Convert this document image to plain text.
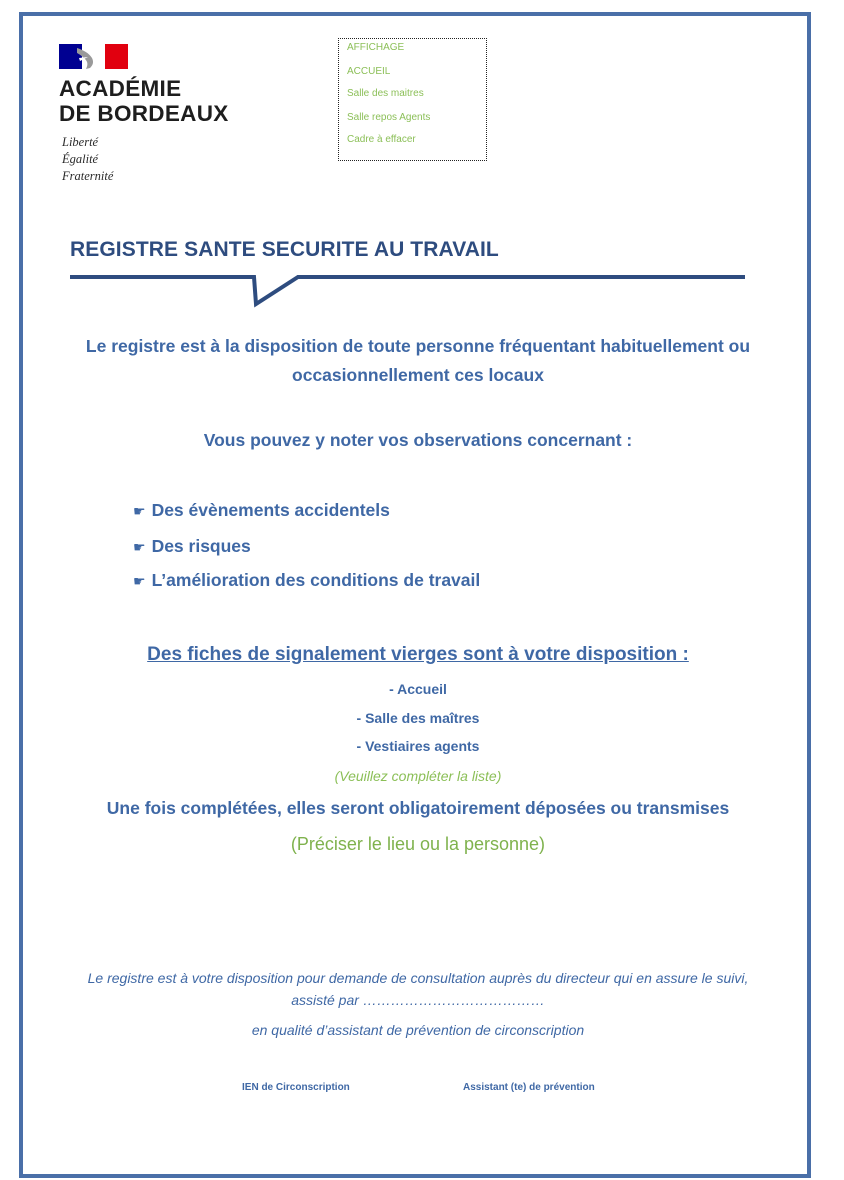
ACADÉMIE
DE BORDEAUX
Liberté
Égalité
Fraternité
AFFICHAGE
ACCUEIL
Salle des maitres
Salle repos Agents
Cadre à effacer
REGISTRE SANTE SECURITE AU TRAVAIL
Le registre est à la disposition de toute personne fréquentant habituellement ou
occasionnellement ces locaux
Vous pouvez y noter vos observations concernant :
☛ Des évènements accidentels
☛ Des risques
☛ L’amélioration des conditions de travail
Des fiches de signalement vierges sont à votre disposition :
- Accueil
- Salle des maîtres
- Vestiaires agents
(Veuillez compléter la liste)
Une fois complétées, elles seront obligatoirement déposées ou transmises
(Préciser le lieu ou la personne)
Le registre est à votre disposition pour demande de consultation auprès du directeur qui en assure le suivi,
assisté par …………………………………
en qualité d’assistant de prévention de circonscription
IEN de Circonscription	Assistant (te) de prévention
